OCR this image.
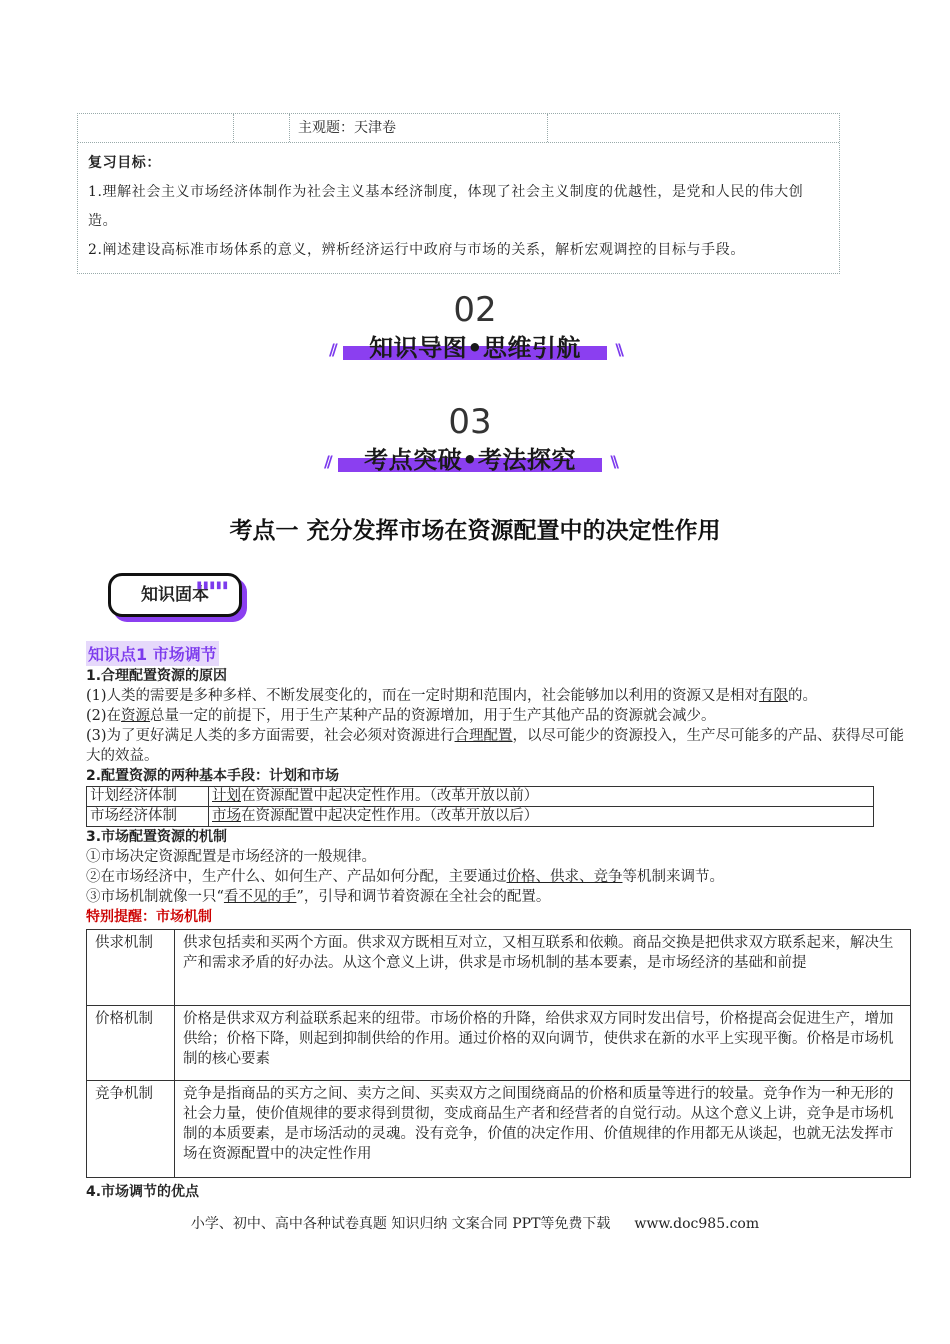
主观题：天津卷
复习目标：
1.理解社会主义市场经济体制作为社会主义基本经济制度，体现了社会主义制度的优越性，是党和人民的伟大创造。
2.阐述建设高标准市场体系的意义，辨析经济运行中政府与市场的关系，解析宏观调控的目标与手段。
02
//	知识导图•思维引航	\\
03
//	考点突破•考法探究	\\
考点一 充分发挥市场在资源配置中的决定性作用
▮▮▮▮▮
知识固本
知识点1 市场调节
1.合理配置资源的原因
(1)人类的需要是多种多样、不断发展变化的，而在一定时期和范围内，社会能够加以利用的资源又是相对有限的。
(2)在资源总量一定的前提下，用于生产某种产品的资源增加，用于生产其他产品的资源就会减少。
(3)为了更好满足人类的多方面需要，社会必须对资源进行合理配置，以尽可能少的资源投入，生产尽可能多的产品、获得尽可能大的效益。
2.配置资源的两种基本手段：计划和市场
计划经济体制	计划在资源配置中起决定性作用。（改革开放以前）
市场经济体制	市场在资源配置中起决定性作用。（改革开放以后）
3.市场配置资源的机制
①市场决定资源配置是市场经济的一般规律。
②在市场经济中，生产什么、如何生产、产品如何分配，主要通过价格、供求、竞争等机制来调节。
③市场机制就像一只“看不见的手”，引导和调节着资源在全社会的配置。
特别提醒：市场机制
供求机制	供求包括卖和买两个方面。供求双方既相互对立，又相互联系和依赖。商品交换是把供求双方联系起来，解决生产和需求矛盾的好办法。从这个意义上讲，供求是市场机制的基本要素，是市场经济的基础和前提
价格机制	价格是供求双方利益联系起来的纽带。市场价格的升降，给供求双方同时发出信号，价格提高会促进生产，增加供给；价格下降，则起到抑制供给的作用。通过价格的双向调节，使供求在新的水平上实现平衡。价格是市场机制的核心要素
竞争机制	竞争是指商品的买方之间、卖方之间、买卖双方之间围绕商品的价格和质量等进行的较量。竞争作为一种无形的社会力量，使价值规律的要求得到贯彻，变成商品生产者和经营者的自觉行动。从这个意义上讲，竞争是市场机制的本质要素，是市场活动的灵魂。没有竞争，价值的决定作用、价值规律的作用都无从谈起，也就无法发挥市场在资源配置中的决定性作用
4.市场调节的优点
小学、初中、高中各种试卷真题 知识归纳 文案合同 PPT等免费下载 www.doc985.com
